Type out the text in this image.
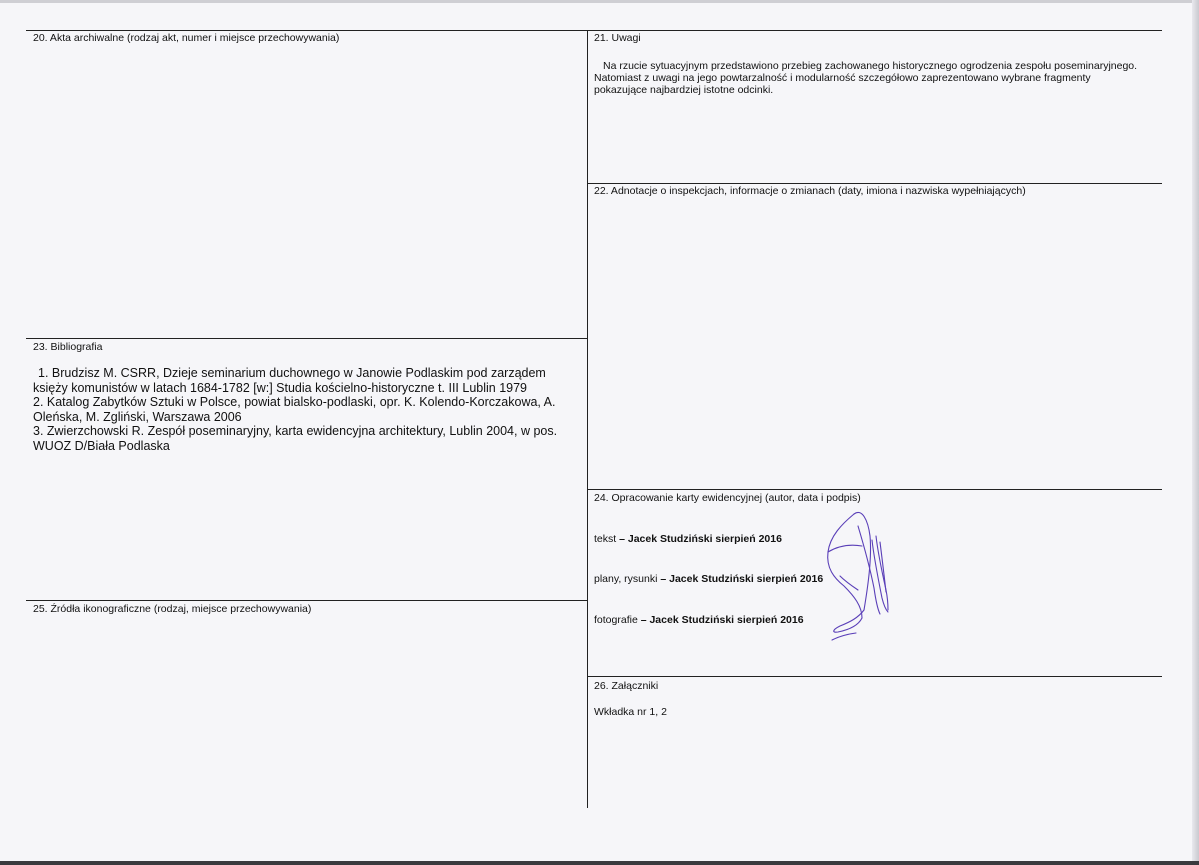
20. Akta archiwalne (rodzaj akt, numer i miejsce przechowywania)	21. Uwagi
Na rzucie sytuacyjnym przedstawiono przebieg zachowanego historycznego ogrodzenia zespołu poseminaryjnego.
Natomiast z uwagi na jego powtarzalność i modularność szczegółowo zaprezentowano wybrane fragmenty
pokazujące najbardziej istotne odcinki.
22. Adnotacje o inspekcjach, informacje o zmianach (daty, imiona i nazwiska wypełniających)
23. Bibliografia
1. Brudzisz M. CSRR, Dzieje seminarium duchownego w Janowie Podlaskim pod zarządem
księży komunistów w latach 1684-1782 [w:] Studia kościelno-historyczne t. III Lublin 1979
2. Katalog Zabytków Sztuki w Polsce, powiat bialsko-podlaski, opr. K. Kolendo-Korczakowa, A.
Oleńska, M. Zgliński, Warszawa 2006
3. Zwierzchowski R. Zespół poseminaryjny, karta ewidencyjna architektury, Lublin 2004, w pos.
WUOZ D/Biała Podlaska
24. Opracowanie karty ewidencyjnej (autor, data i podpis)
tekst – Jacek Studziński sierpień 2016
plany, rysunki – Jacek Studziński sierpień 2016
fotografie – Jacek Studziński sierpień 2016
25. Źródła ikonograficzne (rodzaj, miejsce przechowywania)
26. Załączniki
Wkładka nr 1, 2
